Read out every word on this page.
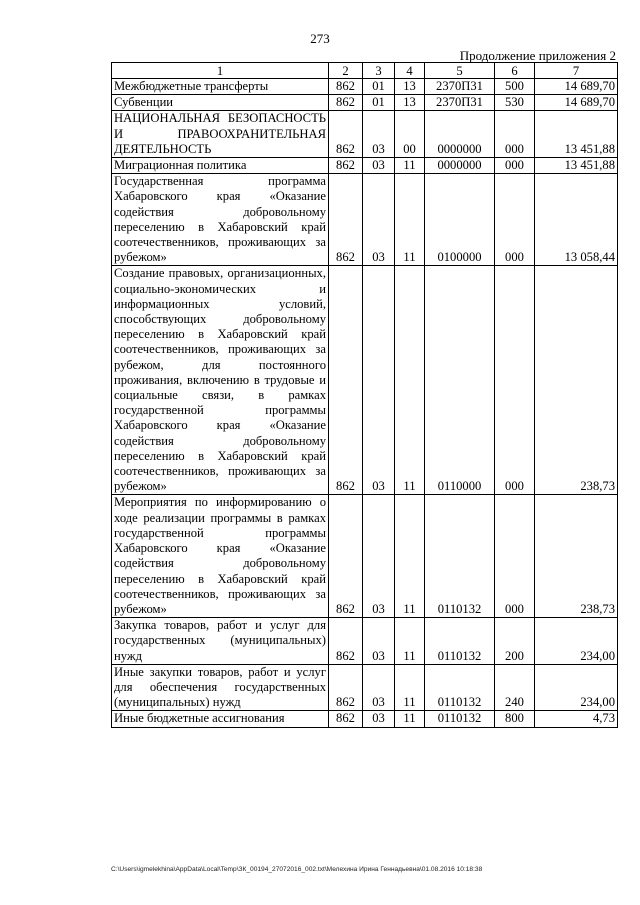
273
Продолжение приложения 2
1	2	3	4	5	6	7
Межбюджетные трансферты	862	01	13	2370П31	500	14 689,70
Субвенции	862	01	13	2370П31	530	14 689,70
НАЦИОНАЛЬНАЯ БЕЗОПАСНОСТЬ И ПРАВООХРАНИТЕЛЬНАЯ ДЕЯТЕЛЬНОСТЬ	862	03	00	0000000	000	13 451,88
Миграционная политика	862	03	11	0000000	000	13 451,88
Государственная программа Хабаровского края «Оказание содействия добровольному переселению в Хабаровский край соотечественников, проживающих за рубежом»	862	03	11	0100000	000	13 058,44
Создание правовых, организационных, социально-экономических и информационных условий, способствующих добровольному переселению в Хабаровский край соотечественников, проживающих за рубежом, для постоянного проживания, включению в трудовые и социальные связи, в рамках государственной программы Хабаровского края «Оказание содействия добровольному переселению в Хабаровский край соотечественников, проживающих за рубежом»	862	03	11	0110000	000	238,73
Мероприятия по информированию о ходе реализации программы в рамках государственной программы Хабаровского края «Оказание содействия добровольному переселению в Хабаровский край соотечественников, проживающих за рубежом»	862	03	11	0110132	000	238,73
Закупка товаров, работ и услуг для государственных (муниципальных) нужд	862	03	11	0110132	200	234,00
Иные закупки товаров, работ и услуг для обеспечения государственных (муниципальных) нужд	862	03	11	0110132	240	234,00
Иные бюджетные ассигнования	862	03	11	0110132	800	4,73
C:\Users\igmelekhina\AppData\Local\Temp\ЗК_00194_27072016_002.txt\Мелехина Ирина Геннадьевна\01.08.2016 10:18:38
